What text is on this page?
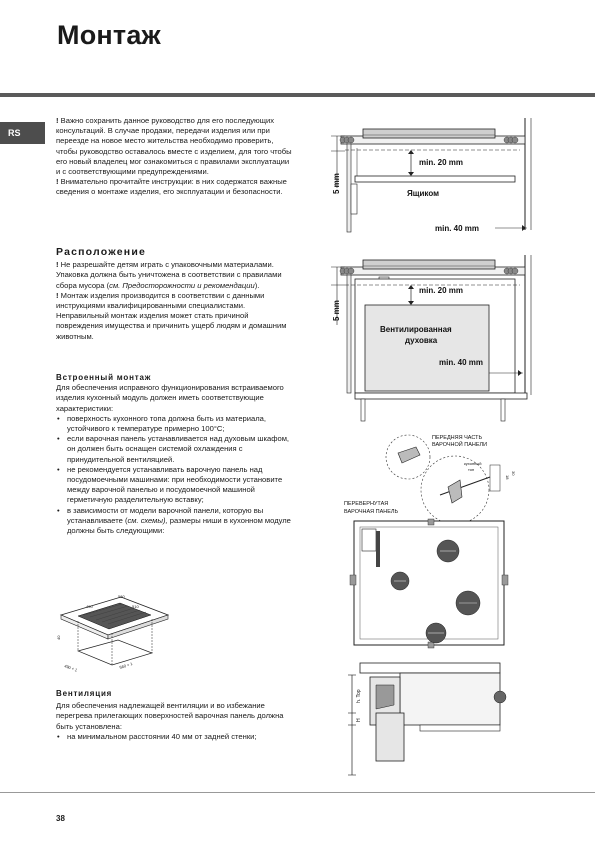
Монтаж
RS

! Важно сохранить данное руководство для его последующих консультаций. В случае продажи, передачи изделия или при переезде на новое место жительства необходимо проверить, чтобы руководство оставалось вместе с изделием, для того чтобы его новый владелец мог ознакомиться с правилами эксплуатации и с соответствующими предупреждениями.

! Внимательно прочитайте инструкции: в них содержатся важные сведения о монтаже изделия, его эксплуатации и безопасности.

Расположение

! Не разрешайте детям играть с упаковочными материалами. Упаковка должна быть уничтожена в соответствии с правилами сбора мусора (см. Предосторожности и рекомендации).

! Монтаж изделия производится в соответствии с данными инструкциями квалифицированными специалистами. Неправильный монтаж изделия может стать причиной повреждения имущества и причинить ущерб людям и домашним животным.

Встроенный монтаж

Для обеспечения исправного функционирования встраиваемого изделия кухонный модуль должен иметь соответствующие характеристики:

• поверхность кухонного топа должна быть из материала, устойчивого к температуре примерно 100°C;
• если варочная панель устанавливается над духовым шкафом, он должен быть оснащен системой охлаждения с принудительной вентиляцией.
• не рекомендуется устанавливать варочную панель над посудомоечными машинами: при необходимости установите между варочной панелью и посудомоечной машиной герметичную разделительную вставку;
• в зависимости от модели варочной панели, которую вы устанавливаете (см. схемы), размеры ниши в кухонном модуле должны быть следующими:
580
510
490
40
490 + 1	560 + 1
Вентиляция

Для обеспечения надлежащей вентиляции и во избежание

перегрева прилегающих поверхностей варочная панель должна быть установлена:

• на минимальном расстоянии 40 мм от задней стенки;
min. 20 mm
Ящиком
min. 40 mm
5 mm
min. 20 mm
Вентилированная
духовка
min. 40 mm
5 mm
ПЕРЕДНЯЯ ЧАСТЬ
ВАРОЧНОЙ ПАНЕЛИ
кухонный
топ
18
30
ПЕРЕВЕРНУТАЯ
ВАРОЧНАЯ ПАНЕЛЬ
h. Top
H
38
